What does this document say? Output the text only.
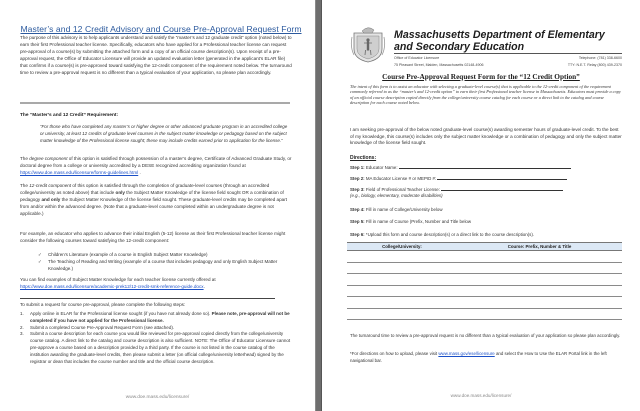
Master’s and 12 Credit Advisory and Course Pre-Approval Request Form
The purpose of this advisory is to help applicants understand and satisfy the “master’s and 12 graduate credit” option (noted below) to earn their first Professional teacher license. Specifically, educators who have applied for a Professional teacher license can request pre-approval of a course(s) by submitting the attached form and a copy of an official course description(s). Upon receipt of a pre-approval request, the Office of Educator Licensure will provide an updated evaluation letter (generated in the applicant’s ELAR file) that confirms if a course(s) is pre-approved toward satisfying the 12-credit component of the requirement noted below. The turnaround time to review a pre-approval request is no different than a typical evaluation of your application, so please plan accordingly.
The “Master’s and 12 Credit” Requirement:
“For those who have completed any master’s or higher degree or other advanced graduate program in an accredited college or university, at least 12 credits of graduate level courses in the subject matter knowledge or pedagogy based on the subject matter knowledge of the Professional license sought; these may include credits earned prior to application for the license.”
The degree component of this option is satisfied through possession of a master’s degree, Certificate of Advanced Graduate Study, or doctoral degree from a college or university accredited by a DESE recognized accrediting organization found at https://www.doe.mass.edu/licensure/forms-guidelines.html .
The 12-credit component of this option is satisfied through the completion of graduate-level courses (through an accredited college/university as noted above) that include only the Subject Matter Knowledge of the license field sought OR a combination of pedagogy and only the Subject Matter Knowledge of the license field sought. These graduate-level credits may be completed apart from and/or within the advanced degree. (Note that a graduate-level course completed within an undergraduate degree is not applicable.)
For example, an educator who applies to advance their initial English (5-12) license as their first Professional teacher license might consider the following courses toward satisfying the 12-credit component:
✓	Children’s Literature (example of a course in English Subject Matter Knowledge)
✓	The Teaching of Reading and Writing (example of a course that includes pedagogy and only English Subject Matter Knowledge.)
You can find examples of Subject Matter Knowledge for each teacher license currently offered at https://www.doe.mass.edu/licensure/academic-prek12/12-credit-smk-reference-guide.docx.
To submit a request for course pre-approval, please complete the following steps:
1.	Apply online in ELAR for the Professional license sought (if you have not already done so). Please note, pre-approval will not be completed if you have not applied for the Professional license.
2.	Submit a completed Course Pre-Approval Request Form (see attached).
3.	Submit a course description for each course you would like reviewed for pre-approval copied directly from the college/university course catalog. A direct link to the catalog and course description is also sufficient. NOTE: The Office of Educator Licensure cannot pre-approve a course based on a description provided by a third party. If the course is not listed in the course catalog of the institution awarding the graduate-level credits, then please submit a letter (on official college/university letterhead) signed by the registrar or dean that includes the course number and title and the official course description.
www.doe.mass.edu/licensure/
Massachusetts Department of Elementary
and Secondary Education
Office of Educator Licensure	Telephone: (781) 338-6600
75 Pleasant Street, Malden, Massachusetts 02148-4906	TTY: N.E.T. Relay (800) 439-2370
Course Pre-Approval Request Form for the “12 Credit Option”
The intent of this form is to assist an educator with selecting a graduate-level course(s) that is applicable to the 12-credit component of the requirement commonly referred to as the “master’s and 12-credit option” to earn their first Professional teacher license in Massachusetts. Educators must provide a copy of an official course description copied directly from the college/university course catalog for each course or a direct link to the catalog and course description for each course noted below.
I am seeking pre-approval of the below noted graduate-level course(s) awarding semester hours of graduate-level credit. To the best of my knowledge, this course(s) includes only the subject matter knowledge or a combination of pedagogy and only the subject matter knowledge of the license field sought.
Directions:
Step 1: Educator Name:
Step 2: MA Educator License # or MEPID #:
Step 3: Field of Professional Teacher License:
(e.g., biology, elementary, moderate disabilities)
Step 4: Fill in name of College/University below
Step 5: Fill in name of Course (Prefix, Number and Title below
Step 6: *Upload this form and course description(s) or a direct link to the course description(s).
College/University:	Course: Prefix, Number & Title
The turnaround time to review a pre-approval request is no different than a typical evaluation of your application so please plan accordingly.
*For directions on how to upload, please visit www.mass.gov/ese/licensure and select the How to Use the ELAR Portal link in the left navigational bar.
www.doe.mass.edu/licensure/
